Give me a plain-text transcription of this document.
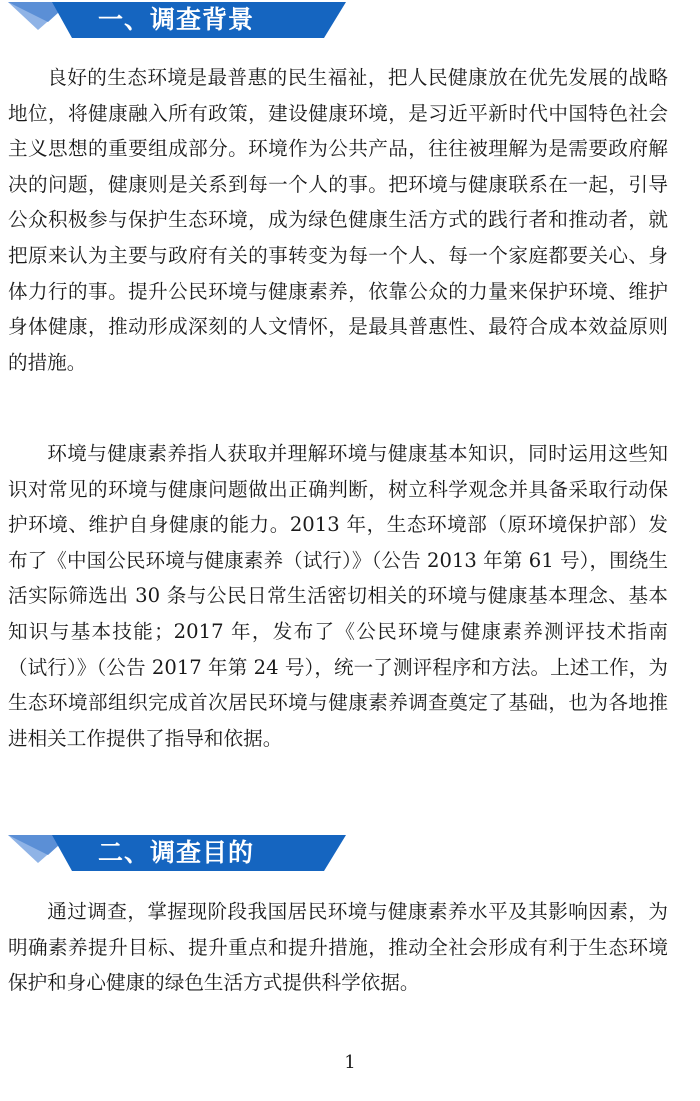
一、调查背景

良好的生态环境是最普惠的民生福祉，把人民健康放在优先发展的战略地位，将健康融入所有政策，建设健康环境，是习近平新时代中国特色社会主义思想的重要组成部分。环境作为公共产品，往往被理解为是需要政府解决的问题，健康则是关系到每一个人的事。把环境与健康联系在一起，引导公众积极参与保护生态环境，成为绿色健康生活方式的践行者和推动者，就把原来认为主要与政府有关的事转变为每一个人、每一个家庭都要关心、身体力行的事。提升公民环境与健康素养，依靠公众的力量来保护环境、维护身体健康，推动形成深刻的人文情怀，是最具普惠性、最符合成本效益原则的措施。

环境与健康素养指人获取并理解环境与健康基本知识，同时运用这些知识对常见的环境与健康问题做出正确判断，树立科学观念并具备采取行动保护环境、维护自身健康的能力。2013 年，生态环境部（原环境保护部）发布了《中国公民环境与健康素养（试行）》（公告 2013 年第 61 号），围绕生活实际筛选出 30 条与公民日常生活密切相关的环境与健康基本理念、基本知识与基本技能；2017 年，发布了《公民环境与健康素养测评技术指南（试行）》（公告 2017 年第 24 号），统一了测评程序和方法。上述工作，为生态环境部组织完成首次居民环境与健康素养调查奠定了基础，也为各地推进相关工作提供了指导和依据。

二、调查目的

通过调查，掌握现阶段我国居民环境与健康素养水平及其影响因素，为明确素养提升目标、提升重点和提升措施，推动全社会形成有利于生态环境保护和身心健康的绿色生活方式提供科学依据。

1
